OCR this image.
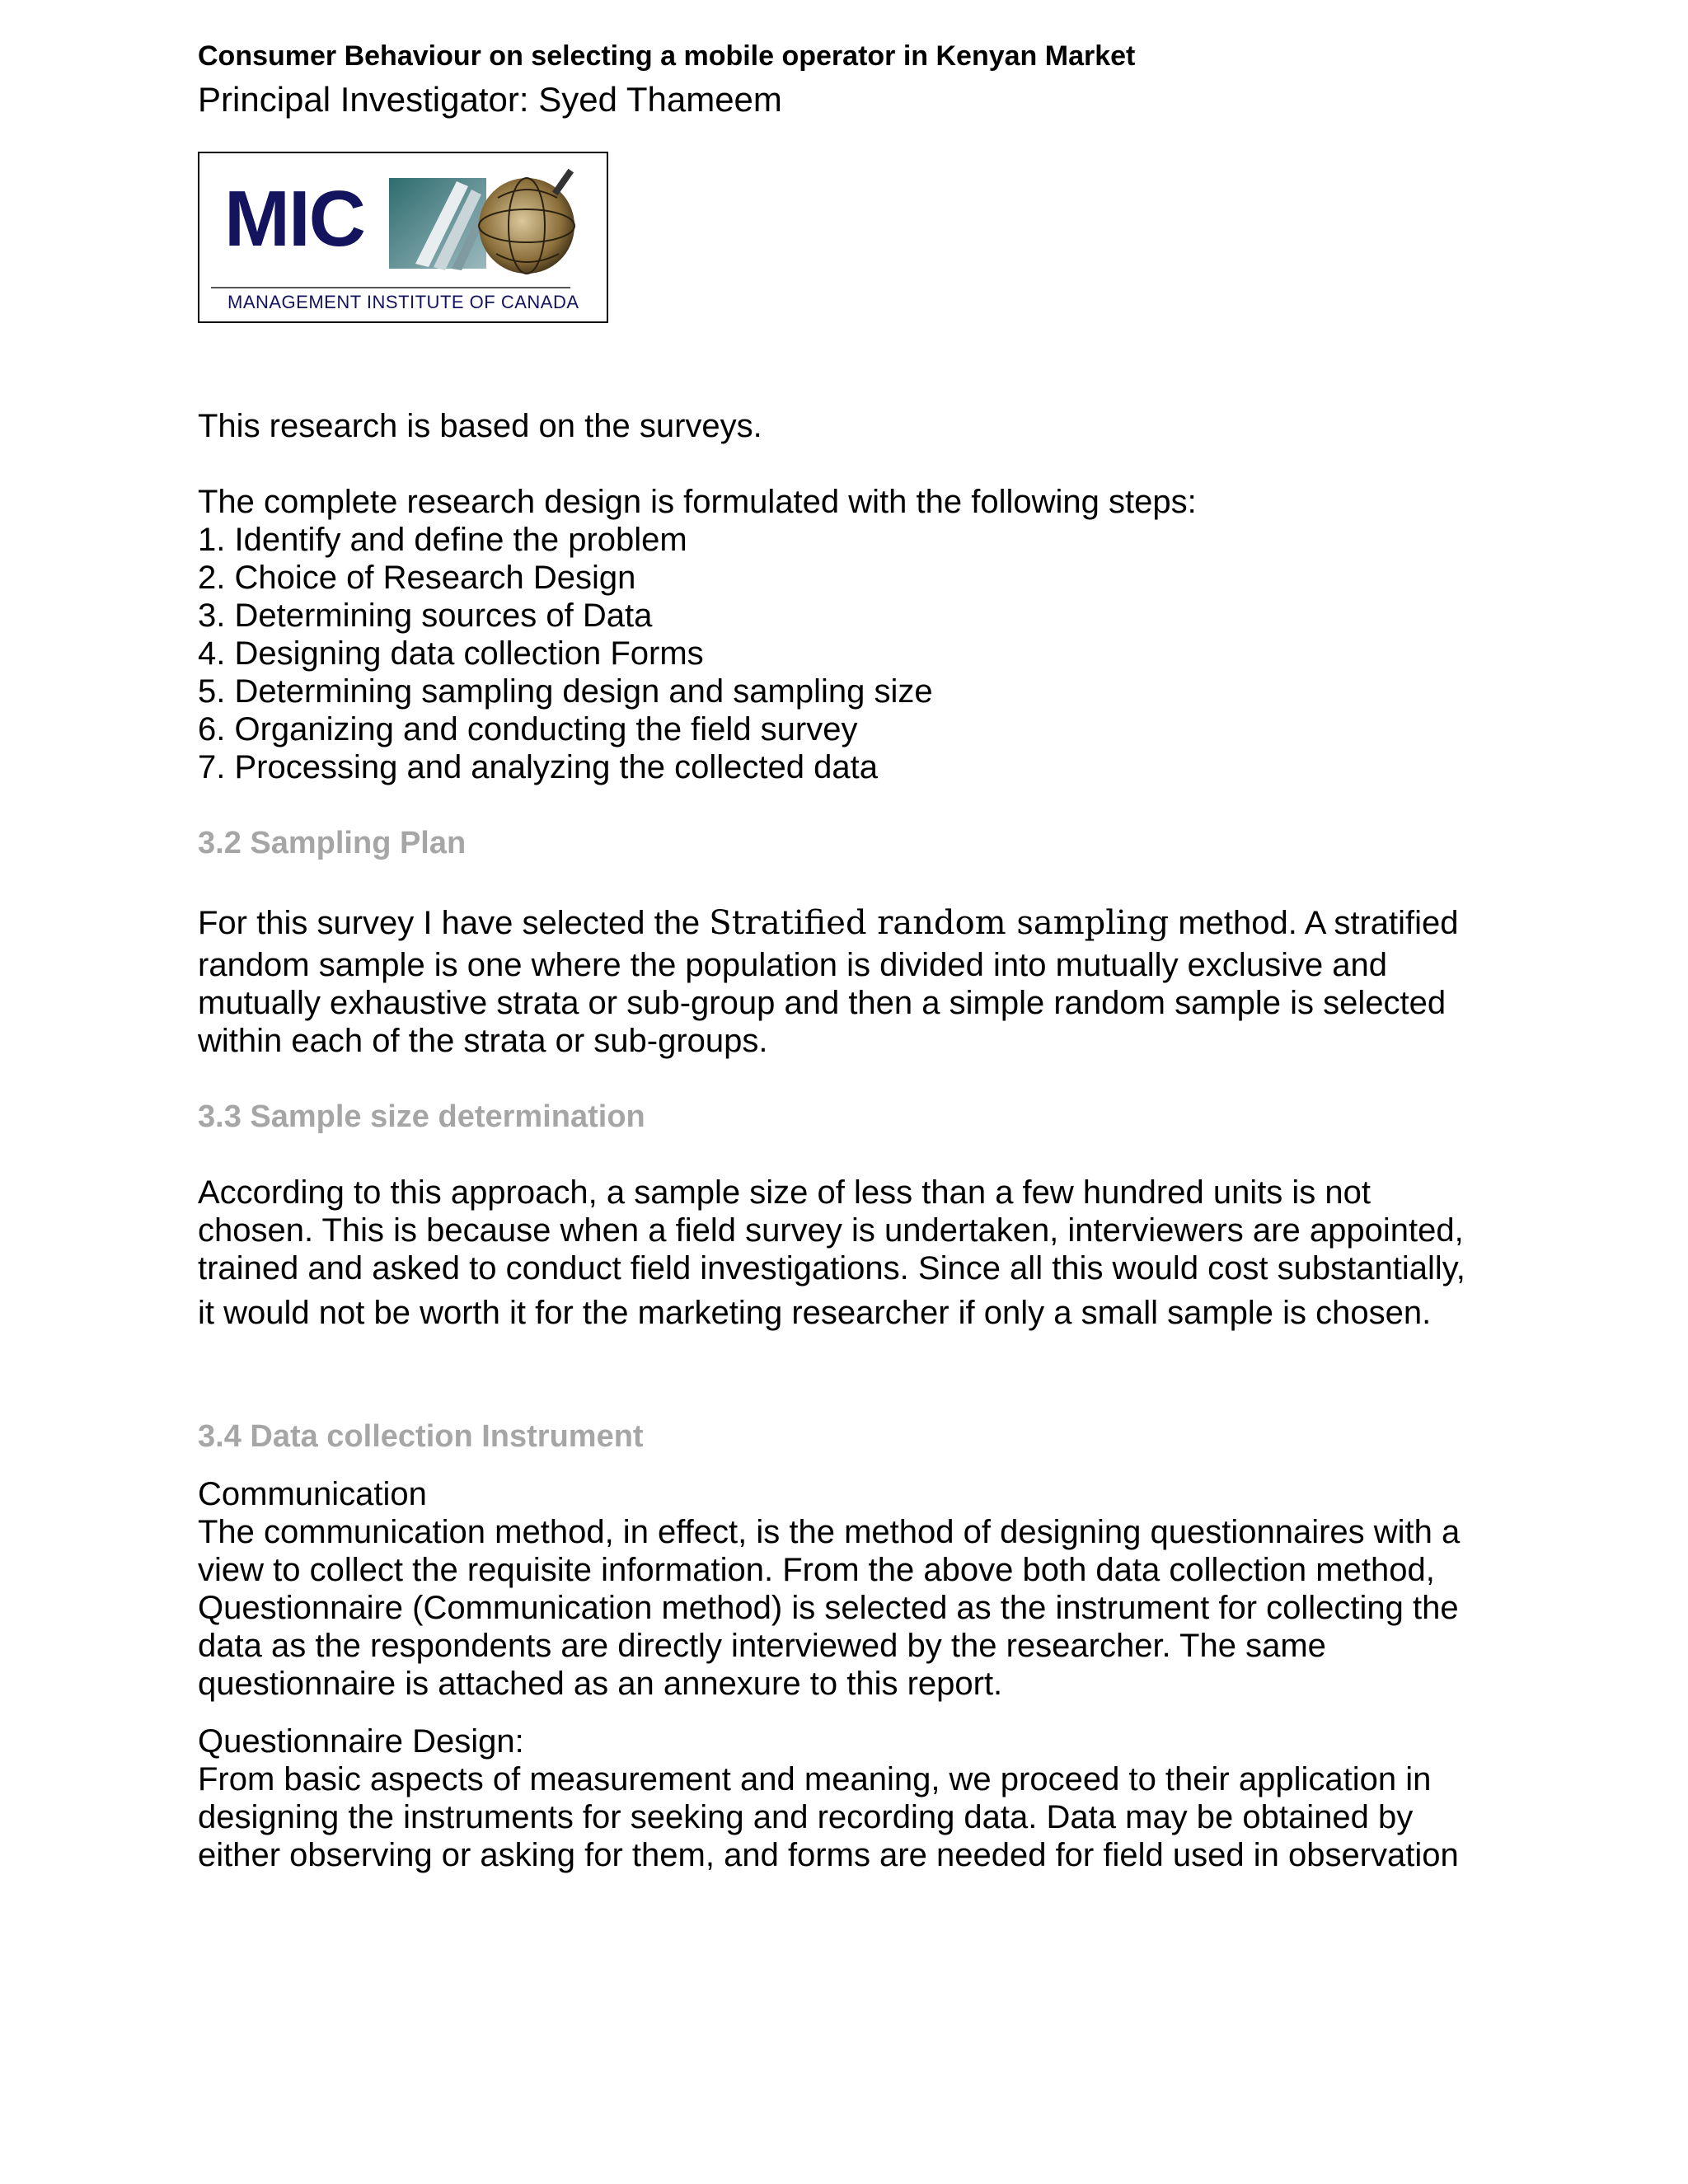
Consumer Behaviour on selecting a mobile operator in Kenyan Market

Principal Investigator: Syed Thameem

MIC
MANAGEMENT INSTITUTE OF CANADA

This research is based on the surveys.

The complete research design is formulated with the following steps:

1. Identify and define the problem
2. Choice of Research Design
3. Determining sources of Data
4. Designing data collection Forms
5. Determining sampling design and sampling size
6. Organizing and conducting the field survey
7. Processing and analyzing the collected data

3.2 Sampling Plan

For this survey I have selected the Stratified random sampling method. A stratified random sample is one where the population is divided into mutually exclusive and mutually exhaustive strata or sub-group and then a simple random sample is selected within each of the strata or sub-groups.

3.3 Sample size determination

According to this approach, a sample size of less than a few hundred units is not chosen. This is because when a field survey is undertaken, interviewers are appointed, trained and asked to conduct field investigations. Since all this would cost substantially,

it would not be worth it for the marketing researcher if only a small sample is chosen.

3.4 Data collection Instrument

Communication

The communication method, in effect, is the method of designing questionnaires with a view to collect the requisite information. From the above both data collection method, Questionnaire (Communication method) is selected as the instrument for collecting the data as the respondents are directly interviewed by the researcher. The same questionnaire is attached as an annexure to this report.

Questionnaire Design:

From basic aspects of measurement and meaning, we proceed to their application in designing the instruments for seeking and recording data. Data may be obtained by either observing or asking for them, and forms are needed for field used in observation
